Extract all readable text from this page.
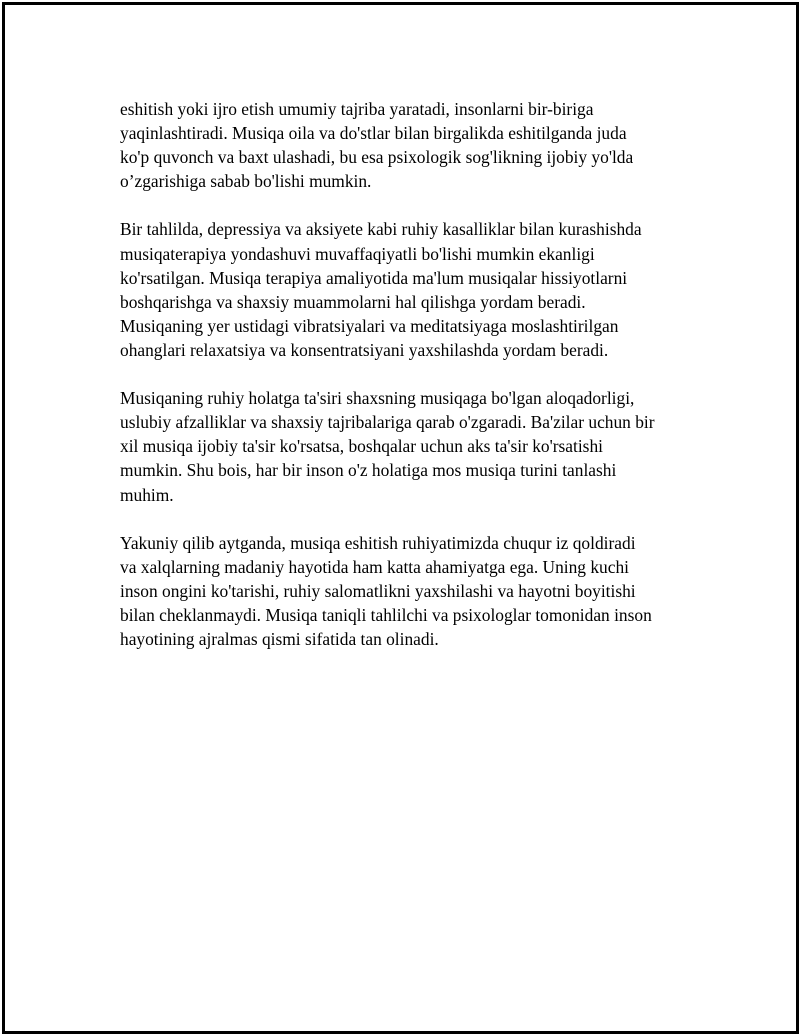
eshitish yoki ijro etish umumiy tajriba yaratadi, insonlarni bir-biriga
yaqinlashtiradi. Musiqa oila va do'stlar bilan birgalikda eshitilganda juda
ko'p quvonch va baxt ulashadi, bu esa psixologik sog'likning ijobiy yo'lda
o’zgarishiga sabab bo'lishi mumkin.

Bir tahlilda, depressiya va aksiyete kabi ruhiy kasalliklar bilan kurashishda
musiqaterapiya yondashuvi muvaffaqiyatli bo'lishi mumkin ekanligi
ko'rsatilgan. Musiqa terapiya amaliyotida ma'lum musiqalar hissiyotlarni
boshqarishga va shaxsiy muammolarni hal qilishga yordam beradi.
Musiqaning yer ustidagi vibratsiyalari va meditatsiyaga moslashtirilgan
ohanglari relaxatsiya va konsentratsiyani yaxshilashda yordam beradi.

Musiqaning ruhiy holatga ta'siri shaxsning musiqaga bo'lgan aloqadorligi,
uslubiy afzalliklar va shaxsiy tajribalariga qarab o'zgaradi. Ba'zilar uchun bir
xil musiqa ijobiy ta'sir ko'rsatsa, boshqalar uchun aks ta'sir ko'rsatishi
mumkin. Shu bois, har bir inson o'z holatiga mos musiqa turini tanlashi
muhim.

Yakuniy qilib aytganda, musiqa eshitish ruhiyatimizda chuqur iz qoldiradi
va xalqlarning madaniy hayotida ham katta ahamiyatga ega. Uning kuchi
inson ongini ko'tarishi, ruhiy salomatlikni yaxshilashi va hayotni boyitishi
bilan cheklanmaydi. Musiqa taniqli tahlilchi va psixologlar tomonidan inson
hayotining ajralmas qismi sifatida tan olinadi.
